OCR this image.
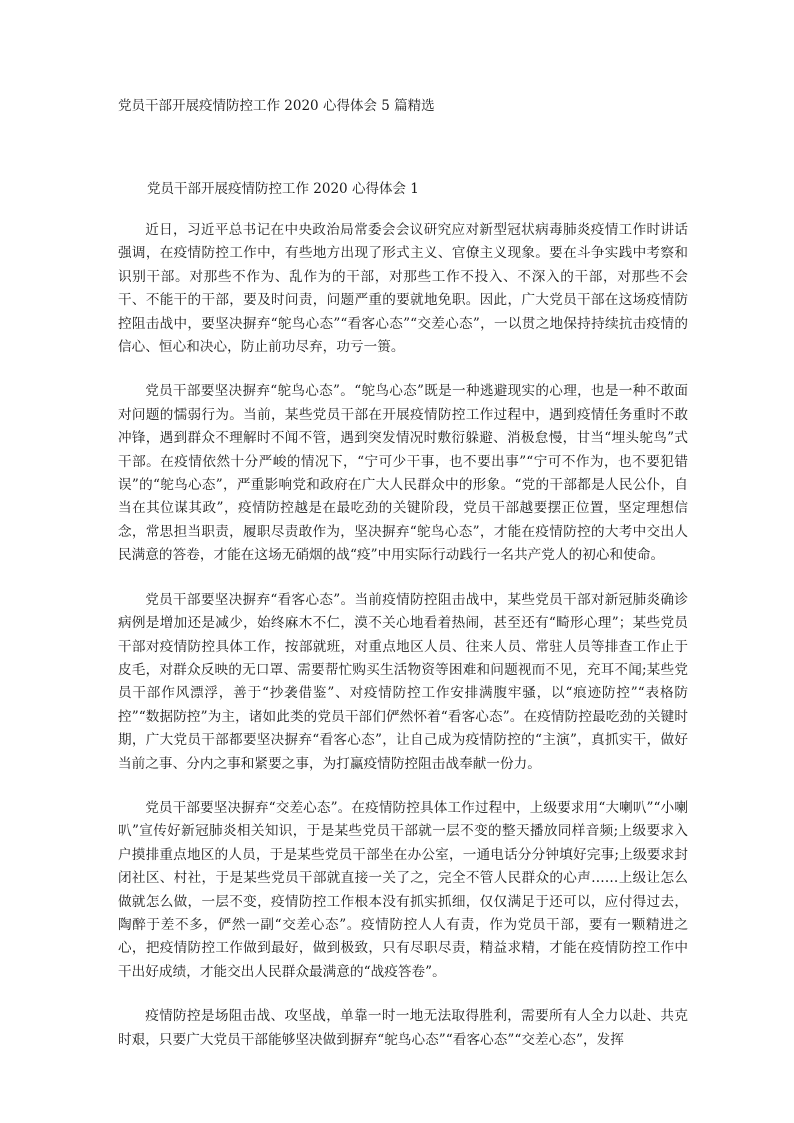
党员干部开展疫情防控工作 2020 心得体会 5 篇精选
党员干部开展疫情防控工作 2020 心得体会 1

近日，习近平总书记在中央政治局常委会会议研究应对新型冠状病毒肺炎疫情工作时讲话强调，在疫情防控工作中，有些地方出现了形式主义、官僚主义现象。要在斗争实践中考察和识别干部。对那些不作为、乱作为的干部，对那些工作不投入、不深入的干部，对那些不会干、不能干的干部，要及时问责，问题严重的要就地免职。因此，广大党员干部在这场疫情防控阻击战中，要坚决摒弃“鸵鸟心态”“看客心态”“交差心态”，一以贯之地保持持续抗击疫情的信心、恒心和决心，防止前功尽弃，功亏一篑。

党员干部要坚决摒弃“鸵鸟心态”。“鸵鸟心态”既是一种逃避现实的心理，也是一种不敢面对问题的懦弱行为。当前，某些党员干部在开展疫情防控工作过程中，遇到疫情任务重时不敢冲锋，遇到群众不理解时不闻不管，遇到突发情况时敷衍躲避、消极怠慢，甘当“埋头鸵鸟”式干部。在疫情依然十分严峻的情况下，“宁可少干事，也不要出事”“宁可不作为，也不要犯错误”的“鸵鸟心态”，严重影响党和政府在广大人民群众中的形象。“党的干部都是人民公仆，自当在其位谋其政”，疫情防控越是在最吃劲的关键阶段，党员干部越要摆正位置，坚定理想信念，常思担当职责，履职尽责敢作为，坚决摒弃“鸵鸟心态”，才能在疫情防控的大考中交出人民满意的答卷，才能在这场无硝烟的战“疫”中用实际行动践行一名共产党人的初心和使命。

党员干部要坚决摒弃“看客心态”。当前疫情防控阻击战中，某些党员干部对新冠肺炎确诊病例是增加还是减少，始终麻木不仁，漠不关心地看着热闹，甚至还有“畸形心理”；某些党员干部对疫情防控具体工作，按部就班，对重点地区人员、往来人员、常驻人员等排查工作止于皮毛，对群众反映的无口罩、需要帮忙购买生活物资等困难和问题视而不见，充耳不闻;某些党员干部作风漂浮，善于“抄袭借鉴”、对疫情防控工作安排满腹牢骚，以“痕迹防控”“表格防控”“数据防控”为主，诸如此类的党员干部们俨然怀着“看客心态”。在疫情防控最吃劲的关键时期，广大党员干部都要坚决摒弃“看客心态”，让自己成为疫情防控的“主演”，真抓实干，做好当前之事、分内之事和紧要之事，为打赢疫情防控阻击战奉献一份力。

党员干部要坚决摒弃“交差心态”。在疫情防控具体工作过程中，上级要求用“大喇叭”“小喇叭”宣传好新冠肺炎相关知识，于是某些党员干部就一层不变的整天播放同样音频;上级要求入户摸排重点地区的人员，于是某些党员干部坐在办公室，一通电话分分钟填好完事;上级要求封闭社区、村社，于是某些党员干部就直接一关了之，完全不管人民群众的心声……上级让怎么做就怎么做，一层不变，疫情防控工作根本没有抓实抓细，仅仅满足于还可以，应付得过去，陶醉于差不多，俨然一副“交差心态”。疫情防控人人有责，作为党员干部，要有一颗精进之心，把疫情防控工作做到最好，做到极致，只有尽职尽责，精益求精，才能在疫情防控工作中干出好成绩，才能交出人民群众最满意的“战疫答卷”。

疫情防控是场阻击战、攻坚战，单靠一时一地无法取得胜利，需要所有人全力以赴、共克时艰，只要广大党员干部能够坚决做到摒弃“鸵鸟心态”“看客心态”“交差心态”，发挥
